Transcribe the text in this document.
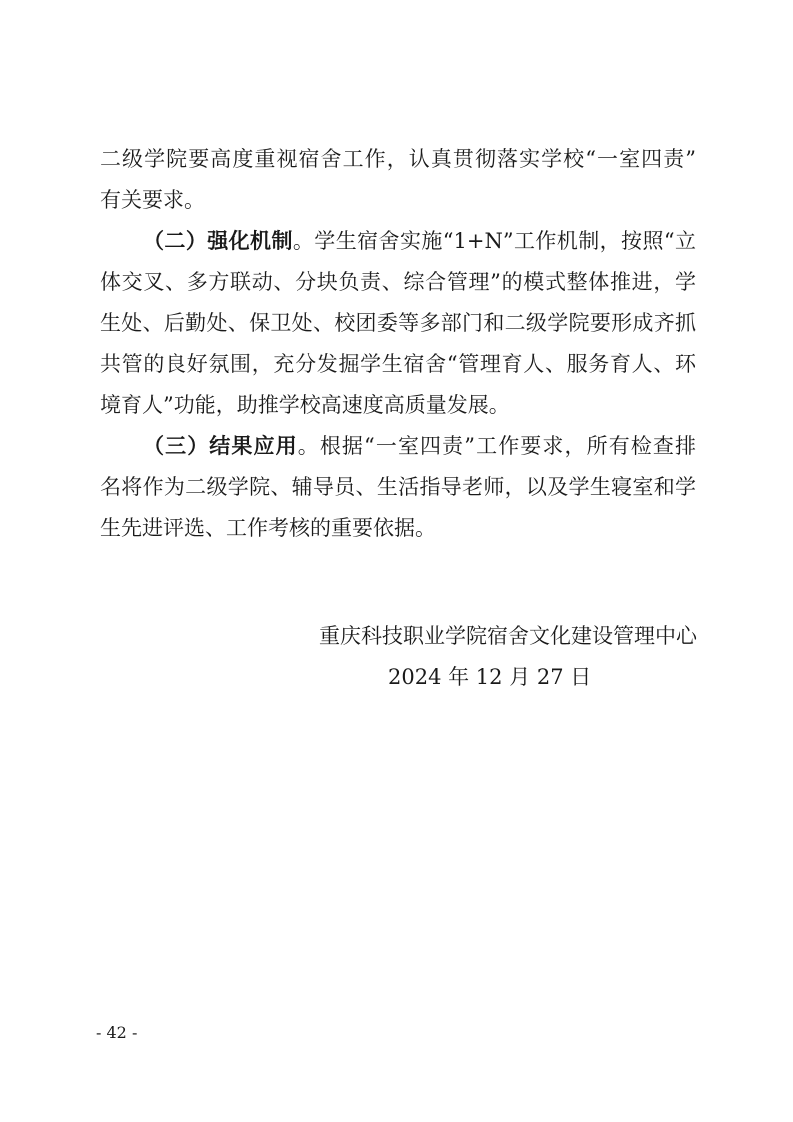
二级学院要高度重视宿舍工作，认真贯彻落实学校“一室四责”
有关要求。
（二）强化机制。学生宿舍实施“1+N”工作机制，按照“立
体交叉、多方联动、分块负责、综合管理”的模式整体推进，学
生处、后勤处、保卫处、校团委等多部门和二级学院要形成齐抓
共管的良好氛围，充分发掘学生宿舍“管理育人、服务育人、环
境育人”功能，助推学校高速度高质量发展。
（三）结果应用。根据“一室四责”工作要求，所有检查排
名将作为二级学院、辅导员、生活指导老师，以及学生寝室和学
生先进评选、工作考核的重要依据。
重庆科技职业学院宿舍文化建设管理中心
2024 年 12 月 27 日
- 42 -
